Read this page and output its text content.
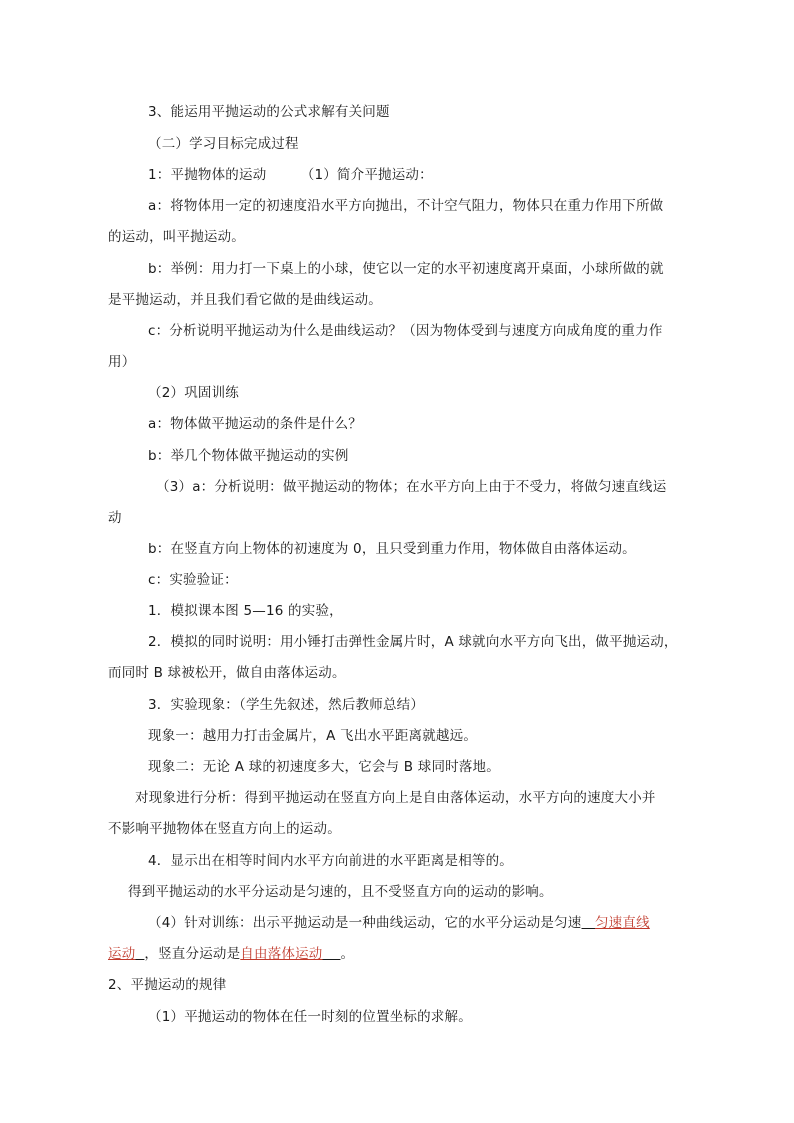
3、能运用平抛运动的公式求解有关问题
（二）学习目标完成过程
1：平抛物体的运动　　　（1）简介平抛运动：
a：将物体用一定的初速度沿水平方向抛出，不计空气阻力，物体只在重力作用下所做
的运动，叫平抛运动。
b：举例：用力打一下桌上的小球，使它以一定的水平初速度离开桌面，小球所做的就
是平抛运动，并且我们看它做的是曲线运动。
c：分析说明平抛运动为什么是曲线运动？（因为物体受到与速度方向成角度的重力作
用）
（2）巩固训练
a：物体做平抛运动的条件是什么？
b：举几个物体做平抛运动的实例
（3）a：分析说明：做平抛运动的物体；在水平方向上由于不受力，将做匀速直线运
动
b：在竖直方向上物体的初速度为 0，且只受到重力作用，物体做自由落体运动。
c：实验验证：
1．模拟课本图 5—16 的实验，
2．模拟的同时说明：用小锤打击弹性金属片时，A 球就向水平方向飞出，做平抛运动，
而同时 B 球被松开，做自由落体运动。
3．实验现象：（学生先叙述，然后教师总结）
现象一：越用力打击金属片，A 飞出水平距离就越远。
现象二：无论 A 球的初速度多大，它会与 B 球同时落地。
对现象进行分析：得到平抛运动在竖直方向上是自由落体运动，水平方向的速度大小并
不影响平抛物体在竖直方向上的运动。
4．显示出在相等时间内水平方向前进的水平距离是相等的。
得到平抛运动的水平分运动是匀速的，且不受竖直方向的运动的影响。
（4）针对训练：出示平抛运动是一种曲线运动，它的水平分运动是匀速 匀速直线
运动 ，竖直分运动是自由落体运动 。
2、平抛运动的规律
（1）平抛运动的物体在任一时刻的位置坐标的求解。
